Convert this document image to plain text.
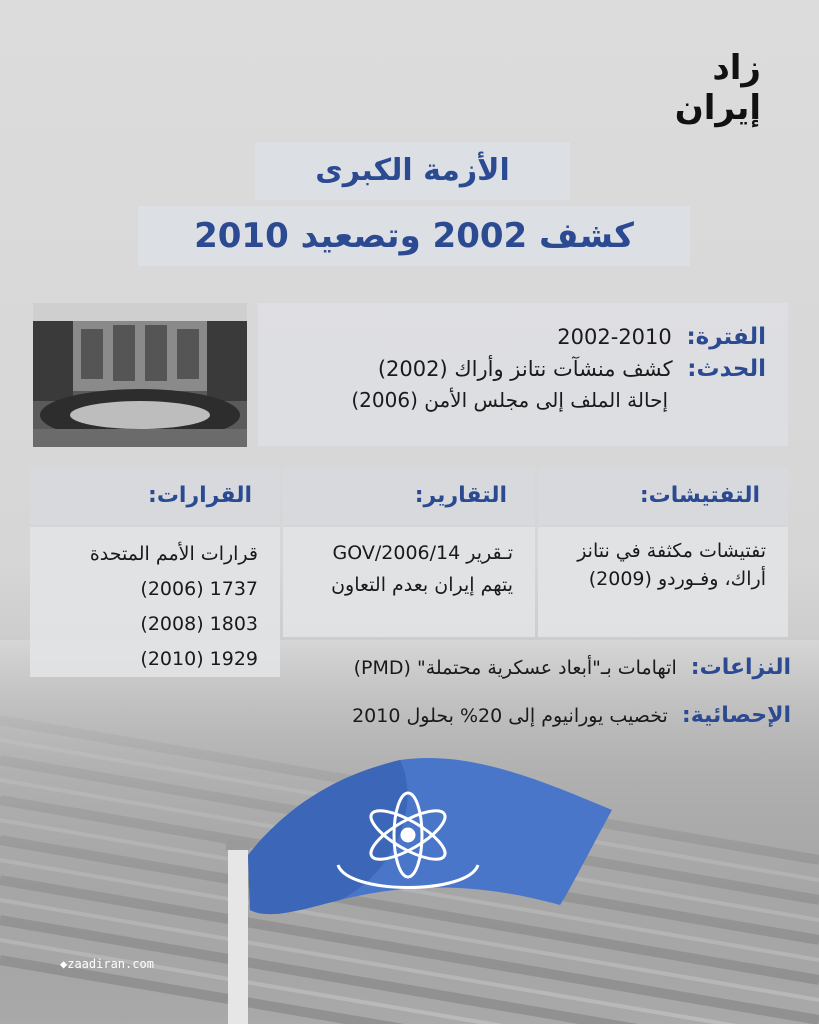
زاد إيران
الأزمة الكبرى
كشف 2002 وتصعيد 2010
الفترة: 2010-2002
الحدث: كشف منشآت نتانز وأراك (2002)
إحالة الملف إلى مجلس الأمن (2006)
التفتيشات:
التقارير:
القرارات:
تفتيشات مكثفة في نتانز
أراك، وفـوردو (2009)
تـقرير GOV/2006/14
يتهم إيران بعدم التعاون
قرارات الأمم المتحدة
1737 (2006)
1803 (2008)
1929 (2010)	النزاعات: اتهامات بـ"أبعاد عسكرية محتملة" (PMD)
الإحصائية: تخصيب يورانيوم إلى 20% بحلول 2010
◆zaadiran.com
